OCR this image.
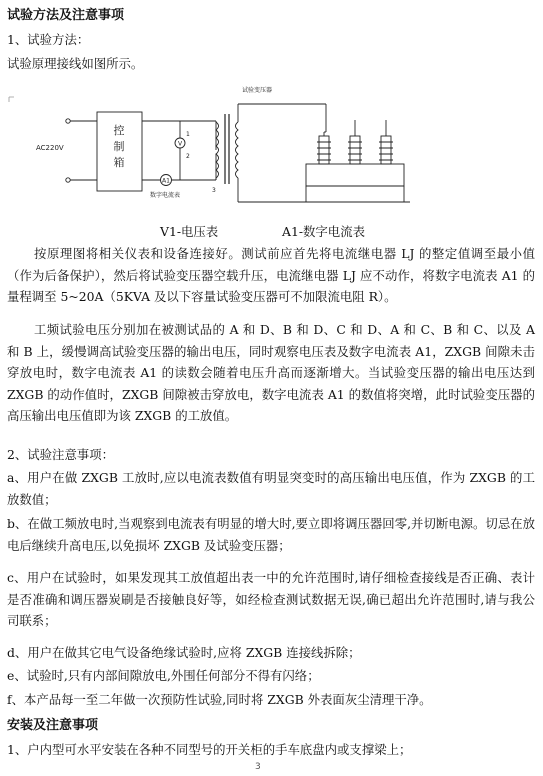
试验方法及注意事项
1、试验方法：
试验原理接线如图所示。
AC220V
控
制
箱
试验变压器
A1
V
数字电流表
1
2
3
V1-电压表	A1-数字电流表
按原理图将相关仪表和设备连接好。测试前应首先将电流继电器 LJ 的整定值调至最小值（作为后备保护），然后将试验变压器空载升压，电流继电器 LJ 应不动作，将数字电流表 A1 的量程调至 5~20A（5KVA 及以下容量试验变压器可不加限流电阻 R）。
工频试验电压分别加在被测试品的 A 和 D、B 和 D、C 和 D、A 和 C、B 和 C、以及 A 和 B 上，缓慢调高试验变压器的输出电压，同时观察电压表及数字电流表 A1，ZXGB 间隙未击穿放电时，数字电流表 A1 的读数会随着电压升高而逐渐增大。当试验变压器的输出电压达到 ZXGB 的动作值时，ZXGB 间隙被击穿放电，数字电流表 A1 的数值将突增，此时试验变压器的高压输出电压值即为该 ZXGB 的工放值。
2、试验注意事项：
a、用户在做 ZXGB 工放时,应以电流表数值有明显突变时的高压输出电压值，作为 ZXGB 的工放数值；
b、在做工频放电时,当观察到电流表有明显的增大时,要立即将调压器回零,并切断电源。切忌在放电后继续升高电压,以免损坏 ZXGB 及试验变压器；
c、用户在试验时，如果发现其工放值超出表一中的允许范围时,请仔细检查接线是否正确、表计是否准确和调压器炭刷是否接触良好等，如经检查测试数据无误,确已超出允许范围时,请与我公司联系；
d、用户在做其它电气设备绝缘试验时,应将 ZXGB 连接线拆除；
e、试验时,只有内部间隙放电,外围任何部分不得有闪络；
f、本产品每一至二年做一次预防性试验,同时将 ZXGB 外表面灰尘清理干净。
安装及注意事项
1、户内型可水平安装在各种不同型号的开关柜的手车底盘内或支撑梁上；
3
